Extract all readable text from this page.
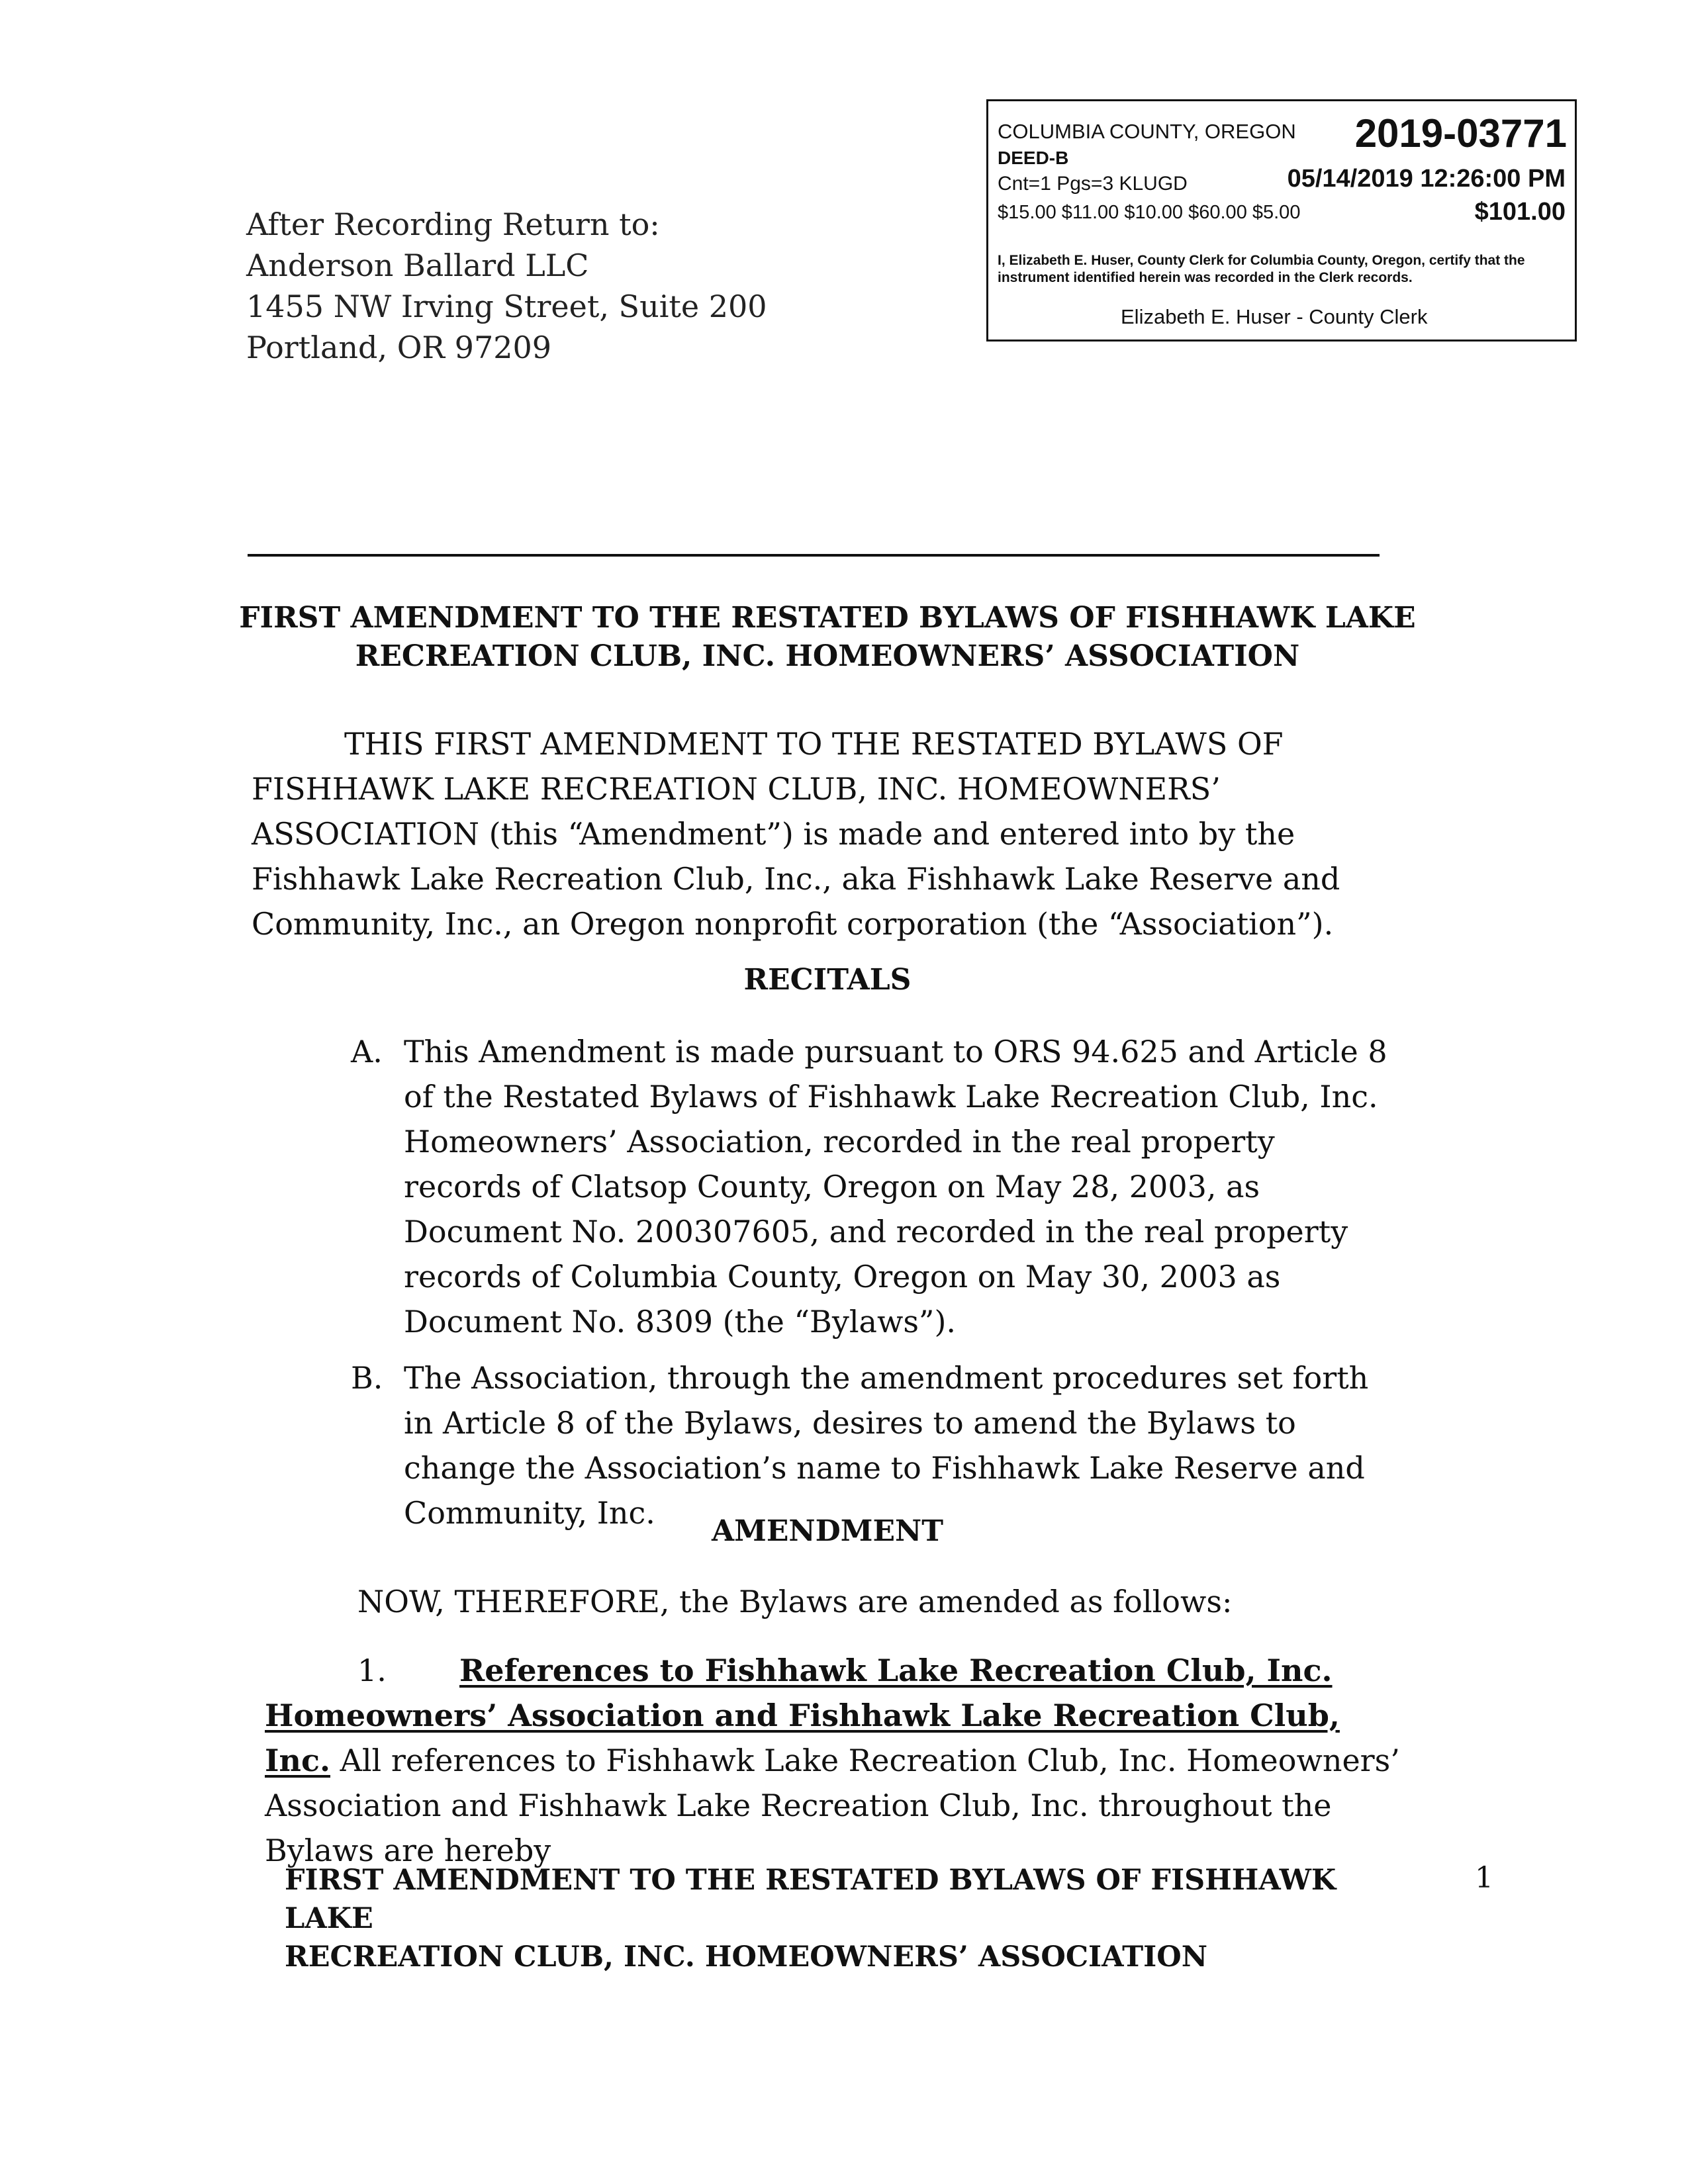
After Recording Return to:
Anderson Ballard LLC
1455 NW Irving Street, Suite 200
Portland, OR 97209
COLUMBIA COUNTY, OREGON 2019-03771
DEED-B
Cnt=1 Pgs=3 KLUGD	05/14/2019 12:26:00 PM
$15.00 $11.00 $10.00 $60.00 $5.00	$101.00
I, Elizabeth E. Huser, County Clerk for Columbia County, Oregon, certify that the instrument identified herein was recorded in the Clerk records.
Elizabeth E. Huser - County Clerk
FIRST AMENDMENT TO THE RESTATED BYLAWS OF FISHHAWK LAKE
RECREATION CLUB, INC. HOMEOWNERS’ ASSOCIATION
THIS FIRST AMENDMENT TO THE RESTATED BYLAWS OF FISHHAWK LAKE RECREATION CLUB, INC. HOMEOWNERS’ ASSOCIATION (this “Amendment”) is made and entered into by the Fishhawk Lake Recreation Club, Inc., aka Fishhawk Lake Reserve and Community, Inc., an Oregon nonprofit corporation (the “Association”).
RECITALS
A. This Amendment is made pursuant to ORS 94.625 and Article 8 of the Restated Bylaws of Fishhawk Lake Recreation Club, Inc. Homeowners’ Association, recorded in the real property records of Clatsop County, Oregon on May 28, 2003, as Document No. 200307605, and recorded in the real property records of Columbia County, Oregon on May 30, 2003 as Document No. 8309 (the “Bylaws”).
B. The Association, through the amendment procedures set forth in Article 8 of the Bylaws, desires to amend the Bylaws to change the Association’s name to Fishhawk Lake Reserve and Community, Inc.
AMENDMENT
NOW, THEREFORE, the Bylaws are amended as follows:
1. References to Fishhawk Lake Recreation Club, Inc. Homeowners’ Association and Fishhawk Lake Recreation Club, Inc. All references to Fishhawk Lake Recreation Club, Inc. Homeowners’ Association and Fishhawk Lake Recreation Club, Inc. throughout the Bylaws are hereby
FIRST AMENDMENT TO THE RESTATED BYLAWS OF FISHHAWK LAKE
RECREATION CLUB, INC. HOMEOWNERS’ ASSOCIATION
1
